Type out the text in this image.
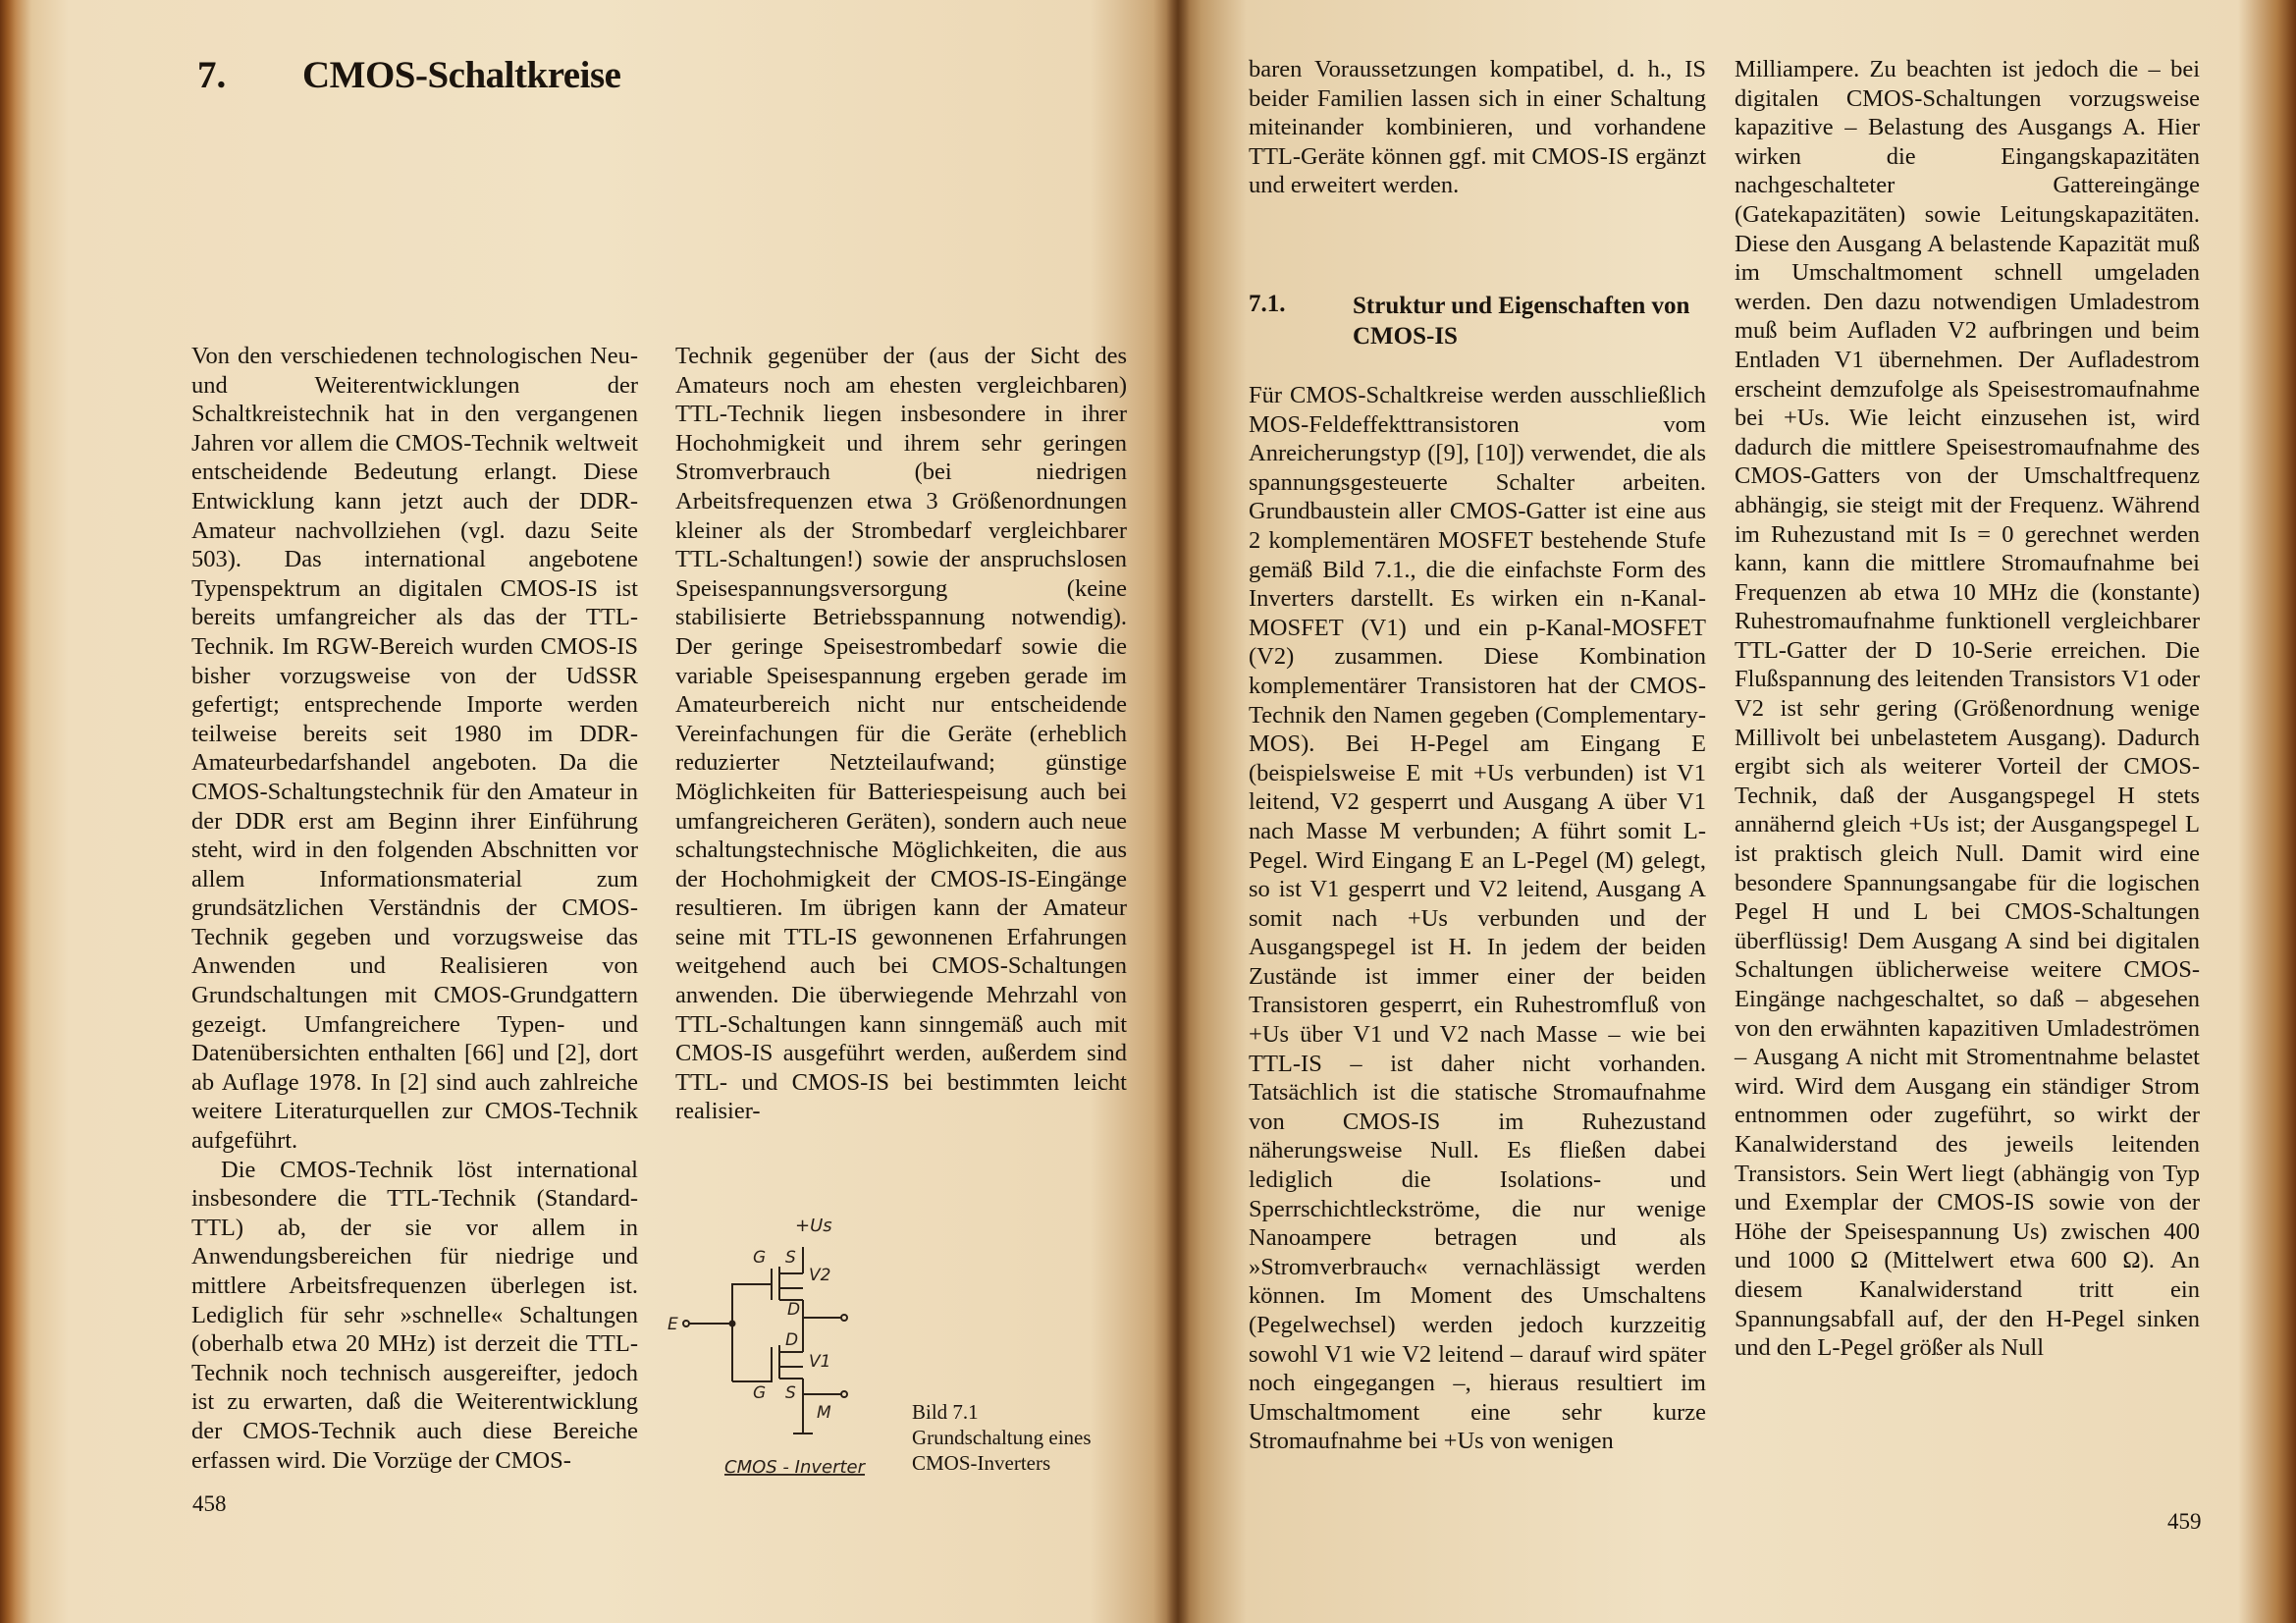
7. CMOS-Schaltkreise

Von den verschiedenen technologischen Neu- und Weiterentwicklungen der Schaltkreistechnik hat in den vergangenen Jahren vor allem die CMOS-Technik weltweit entscheidende Bedeutung erlangt. Diese Entwicklung kann jetzt auch der DDR-Amateur nachvollziehen (vgl. dazu Seite 503). Das international angebotene Typenspektrum an digitalen CMOS-IS ist bereits umfangreicher als das der TTL-Technik. Im RGW-Bereich wurden CMOS-IS bisher vorzugsweise von der UdSSR gefertigt; entsprechende Importe werden teilweise bereits seit 1980 im DDR-Amateurbedarfshandel angeboten. Da die CMOS-Schaltungstechnik für den Amateur in der DDR erst am Beginn ihrer Einführung steht, wird in den folgenden Abschnitten vor allem Informationsmaterial zum grundsätzlichen Verständnis der CMOS-Technik gegeben und vorzugsweise das Anwenden und Realisieren von Grundschaltungen mit CMOS-Grundgattern gezeigt. Umfangreichere Typen- und Datenübersichten enthalten [66] und [2], dort ab Auflage 1978. In [2] sind auch zahlreiche weitere Literaturquellen zur CMOS-Technik aufgeführt.

Die CMOS-Technik löst international insbesondere die TTL-Technik (Standard-TTL) ab, der sie vor allem in Anwendungsbereichen für niedrige und mittlere Arbeitsfrequenzen überlegen ist. Lediglich für sehr »schnelle« Schaltungen (oberhalb etwa 20 MHz) ist derzeit die TTL-Technik noch technisch ausgereifter, jedoch ist zu erwarten, daß die Weiterentwicklung der CMOS-Technik auch diese Bereiche erfassen wird. Die Vorzüge der CMOS-

Technik gegenüber der (aus der Sicht des Amateurs noch am ehesten vergleichbaren) TTL-Technik liegen insbesondere in ihrer Hochohmigkeit und ihrem sehr geringen Stromverbrauch (bei niedrigen Arbeitsfrequenzen etwa 3 Größenordnungen kleiner als der Strombedarf vergleichbarer TTL-Schaltungen!) sowie der anspruchslosen Speisespannungsversorgung (keine stabilisierte Betriebsspannung notwendig). Der geringe Speisestrombedarf sowie die variable Speisespannung ergeben gerade im Amateurbereich nicht nur entscheidende Vereinfachungen für die Geräte (erheblich reduzierter Netzteilaufwand; günstige Möglichkeiten für Batteriespeisung auch bei umfangreicheren Geräten), sondern auch neue schaltungstechnische Möglichkeiten, die aus der Hochohmigkeit der CMOS-IS-Eingänge resultieren. Im übrigen kann der Amateur seine mit TTL-IS gewonnenen Erfahrungen weitgehend auch bei CMOS-Schaltungen anwenden. Die überwiegende Mehrzahl von TTL-Schaltungen kann sinngemäß auch mit CMOS-IS ausgeführt werden, außerdem sind TTL- und CMOS-IS bei bestimmten leicht realisier-

+Us
G S
V2
D
D
V1
G S
E
M
CMOS - Inverter
Bild 7.1
Grundschaltung eines
CMOS-Inverters
458

baren Voraussetzungen kompatibel, d. h., IS beider Familien lassen sich in einer Schaltung miteinander kombinieren, und vorhandene TTL-Geräte können ggf. mit CMOS-IS ergänzt und erweitert werden.

Für CMOS-Schaltkreise werden ausschließlich MOS-Feldeffekttransistoren vom Anreicherungstyp ([9], [10]) verwendet, die als spannungsgesteuerte Schalter arbeiten. Grundbaustein aller CMOS-Gatter ist eine aus 2 komplementären MOSFET bestehende Stufe gemäß Bild 7.1., die die einfachste Form des Inverters darstellt. Es wirken ein n-Kanal-MOSFET (V1) und ein p-Kanal-MOSFET (V2) zusammen. Diese Kombination komplementärer Transistoren hat der CMOS-Technik den Namen gegeben (Complementary-MOS). Bei H-Pegel am Eingang E (beispielsweise E mit +Us verbunden) ist V1 leitend, V2 gesperrt und Ausgang A über V1 nach Masse M verbunden; A führt somit L-Pegel. Wird Eingang E an L-Pegel (M) gelegt, so ist V1 gesperrt und V2 leitend, Ausgang A somit nach +Us verbunden und der Ausgangspegel ist H. In jedem der beiden Zustände ist immer einer der beiden Transistoren gesperrt, ein Ruhestromfluß von +Us über V1 und V2 nach Masse – wie bei TTL-IS – ist daher nicht vorhanden. Tatsächlich ist die statische Stromaufnahme von CMOS-IS im Ruhezustand näherungsweise Null. Es fließen dabei lediglich die Isolations- und Sperrschichtleckströme, die nur wenige Nanoampere betragen und als »Stromverbrauch« vernachlässigt werden können. Im Moment des Umschaltens (Pegelwechsel) werden jedoch kurzzeitig sowohl V1 wie V2 leitend – darauf wird später noch eingegangen –, hieraus resultiert im Umschaltmoment eine sehr kurze Stromaufnahme bei +Us von wenigen

Milliampere. Zu beachten ist jedoch die – bei digitalen CMOS-Schaltungen vorzugsweise kapazitive – Belastung des Ausgangs A. Hier wirken die Eingangskapazitäten nachgeschalteter Gattereingänge (Gatekapazitäten) sowie Leitungskapazitäten. Diese den Ausgang A belastende Kapazität muß im Umschaltmoment schnell umgeladen werden. Den dazu notwendigen Umladestrom muß beim Aufladen V2 aufbringen und beim Entladen V1 übernehmen. Der Aufladestrom erscheint demzufolge als Speisestromaufnahme bei +Us. Wie leicht einzusehen ist, wird dadurch die mittlere Speisestromaufnahme des CMOS-Gatters von der Umschaltfrequenz abhängig, sie steigt mit der Frequenz. Während im Ruhezustand mit Is = 0 gerechnet werden kann, kann die mittlere Stromaufnahme bei Frequenzen ab etwa 10 MHz die (konstante) Ruhestromaufnahme funktionell vergleichbarer TTL-Gatter der D 10-Serie erreichen. Die Flußspannung des leitenden Transistors V1 oder V2 ist sehr gering (Größenordnung wenige Millivolt bei unbelastetem Ausgang). Dadurch ergibt sich als weiterer Vorteil der CMOS-Technik, daß der Ausgangspegel H stets annähernd gleich +Us ist; der Ausgangspegel L ist praktisch gleich Null. Damit wird eine besondere Spannungsangabe für die logischen Pegel H und L bei CMOS-Schaltungen überflüssig! Dem Ausgang A sind bei digitalen Schaltungen üblicherweise weitere CMOS-Eingänge nachgeschaltet, so daß – abgesehen von den erwähnten kapazitiven Umladeströmen – Ausgang A nicht mit Stromentnahme belastet wird. Wird dem Ausgang ein ständiger Strom entnommen oder zugeführt, so wirkt der Kanalwiderstand des jeweils leitenden Transistors. Sein Wert liegt (abhängig von Typ und Exemplar der CMOS-IS sowie von der Höhe der Speisespannung Us) zwischen 400 und 1000 Ω (Mittelwert etwa 600 Ω). An diesem Kanalwiderstand tritt ein Spannungsabfall auf, der den H-Pegel sinken und den L-Pegel größer als Null

459
7.1.	Struktur und Eigenschaften von CMOS-IS
